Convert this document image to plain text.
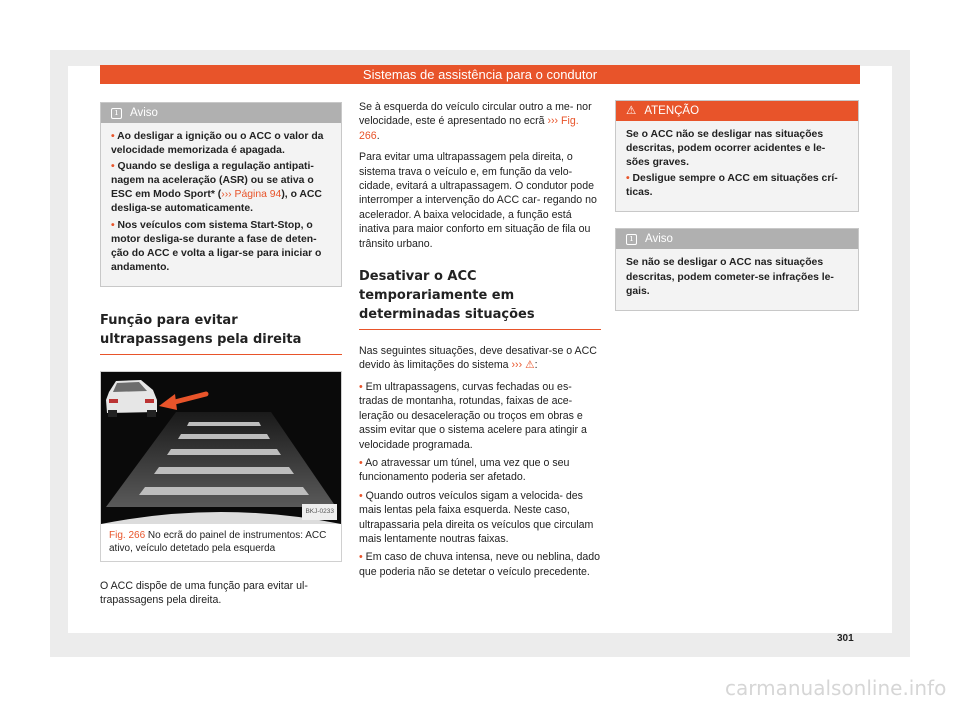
Sistemas de assistência para o condutor
i	Aviso

• Ao desligar a ignição ou o ACC o valor da velocidade memorizada é apagada.

• Quando se desliga a regulação antipati- nagem na aceleração (ASR) ou se ativa o ESC em Modo Sport* (››› Página 94), o ACC desliga-se automaticamente.

• Nos veículos com sistema Start-Stop, o motor desliga-se durante a fase de deten- ção do ACC e volta a ligar-se para iniciar o andamento.

Função para evitar ultrapassagens pela direita
BKJ-0233
Fig. 266 No ecrã do painel de instrumentos: ACC ativo, veículo detetado pela esquerda

O ACC dispõe de uma função para evitar ul- trapassagens pela direita.

Se à esquerda do veículo circular outro a me- nor velocidade, este é apresentado no ecrã ››› Fig. 266.

Para evitar uma ultrapassagem pela direita, o sistema trava o veículo e, em função da velo- cidade, evitará a ultrapassagem. O condutor pode interromper a intervenção do ACC car- regando no acelerador. A baixa velocidade, a função está inativa para maior conforto em situação de fila ou trânsito urbano.

Desativar o ACC temporariamente em determinadas situações

Nas seguintes situações, deve desativar-se o ACC devido às limitações do sistema ››› ⚠:

• Em ultrapassagens, curvas fechadas ou es- tradas de montanha, rotundas, faixas de ace- leração ou desaceleração ou troços em obras e assim evitar que o sistema acelere para atingir a velocidade programada.

• Ao atravessar um túnel, uma vez que o seu funcionamento poderia ser afetado.

• Quando outros veículos sigam a velocida- des mais lentas pela faixa esquerda. Neste caso, ultrapassaria pela direita os veículos que circulam mais lentamente noutras faixas.

• Em caso de chuva intensa, neve ou neblina, dado que poderia não se detetar o veículo precedente.

⚠ ATENÇÃO

Se o ACC não se desligar nas situações descritas, podem ocorrer acidentes e le- sões graves.

• Desligue sempre o ACC em situações crí- ticas.

i	Aviso

Se não se desligar o ACC nas situações descritas, podem cometer-se infrações le- gais.

301
carmanualsonline.info
